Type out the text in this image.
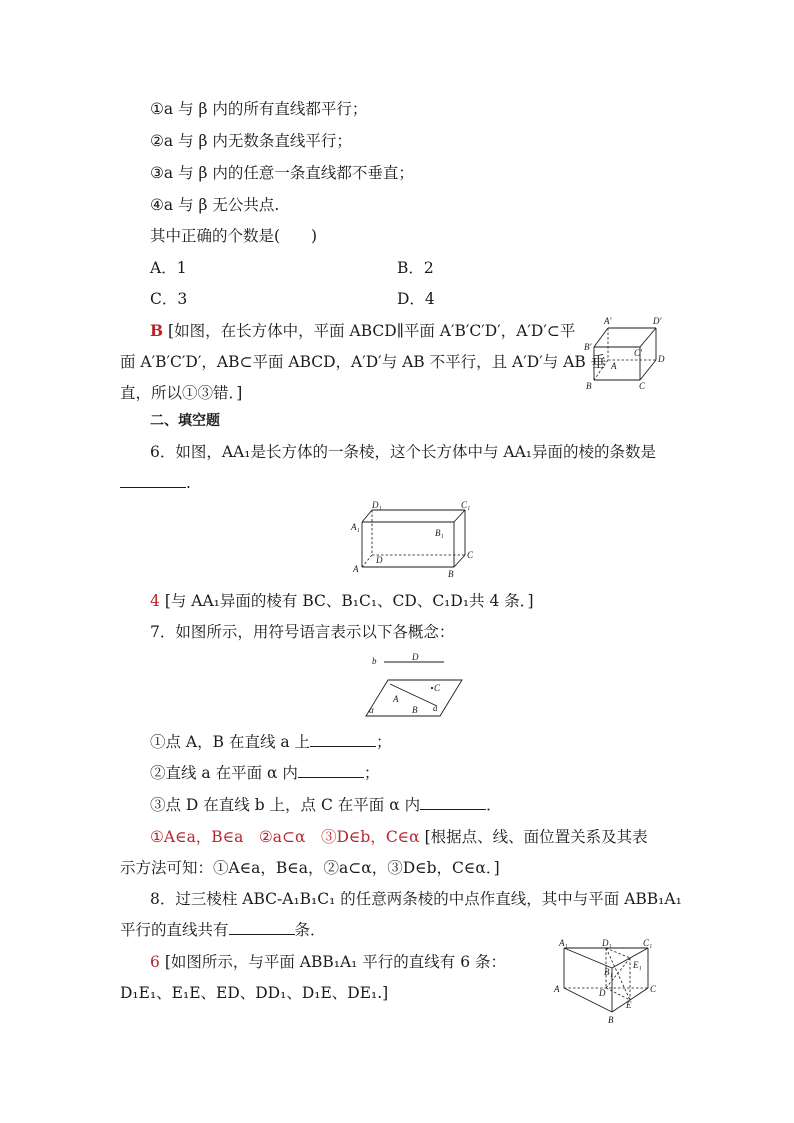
①a 与 β 内的所有直线都平行；
②a 与 β 内无数条直线平行；
③a 与 β 内的任意一条直线都不垂直；
④a 与 β 无公共点.
其中正确的个数是(　　)
A．1	B．2
C．3	D．4
B [如图，在长方体中，平面 ABCD∥平面 A′B′C′D′，A′D′⊂平
面 A′B′C′D′，AB⊂平面 ABCD，A′D′与 AB 不平行，且 A′D′与 AB 垂
直，所以①③错．]
A′	D′
B′
C′
A
D
B	C
二、填空题
6．如图，AA₁是长方体的一条棱，这个长方体中与 AA₁异面的棱的条数是
.
D₁	C₁
A₁
B₁
D	C
A	B
4 [与 AA₁异面的棱有 BC、B₁C₁、CD、C₁D₁共 4 条．]
7．如图所示，用符号语言表示以下各概念：
b	D
C
A
a
α	B
①点 A，B 在直线 a 上	；
②直线 a 在平面 α 内	；
③点 D 在直线 b 上，点 C 在平面 α 内	．
①A∈a，B∈a　②a⊂α　③D∈b，C∈α [根据点、线、面位置关系及其表
示方法可知：①A∈a，B∈a，②a⊂α，③D∈b，C∈α．]
8．过三棱柱 ABC-A₁B₁C₁ 的任意两条棱的中点作直线，其中与平面 ABB₁A₁
平行的直线共有	条．
6 [如图所示，与平面 ABB₁A₁ 平行的直线有 6 条：
D₁E₁、E₁E、ED、DD₁、D₁E、DE₁.]
A₁	D₁	C₁
B₁
E₁
A	D	C
E
B
